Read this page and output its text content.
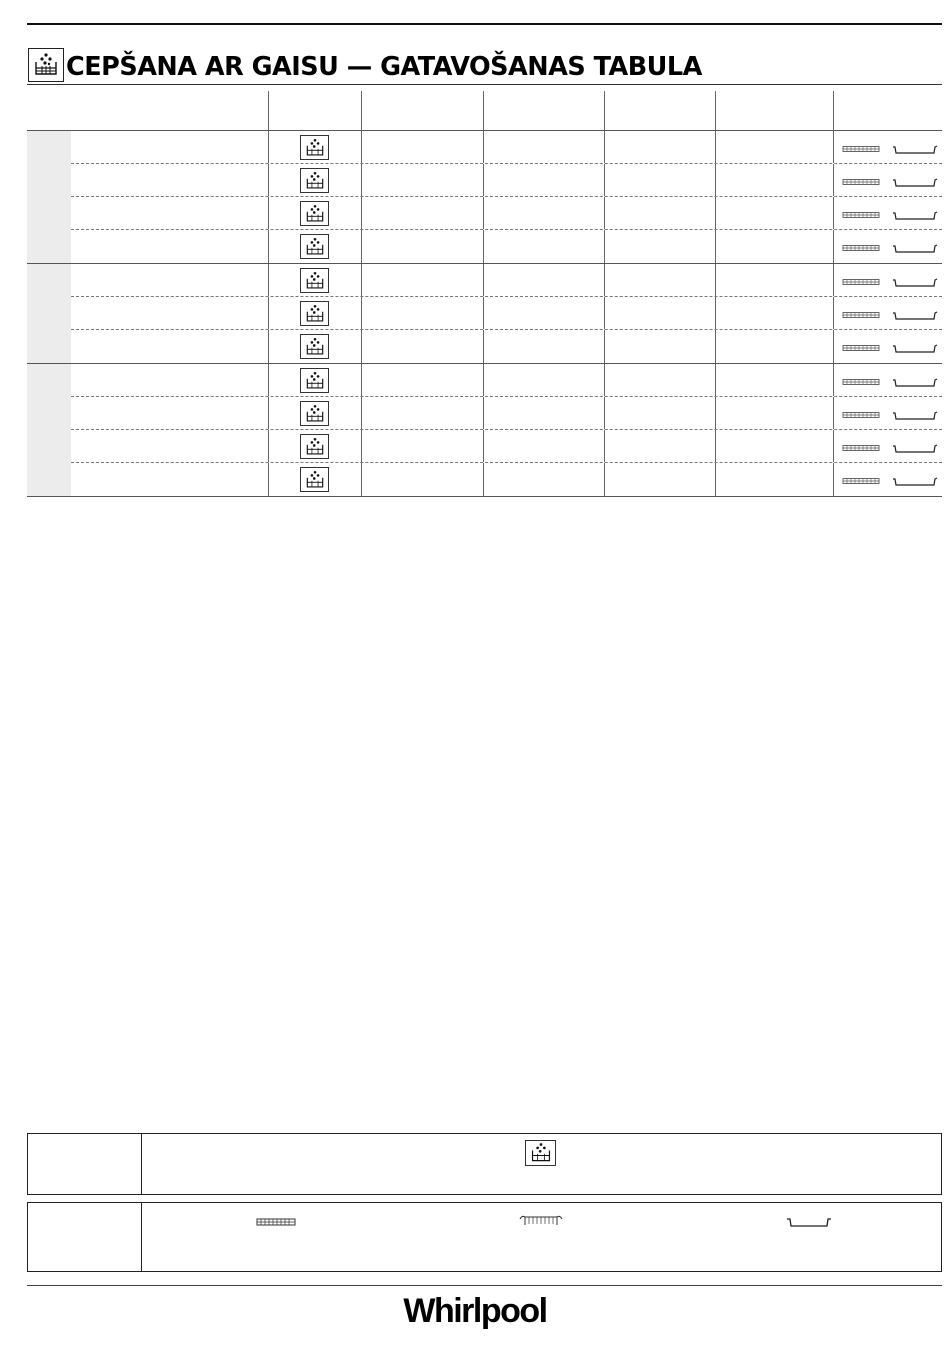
CEPŠANA AR GAISU — GATAVOŠANAS TABULA
Whirlpool
